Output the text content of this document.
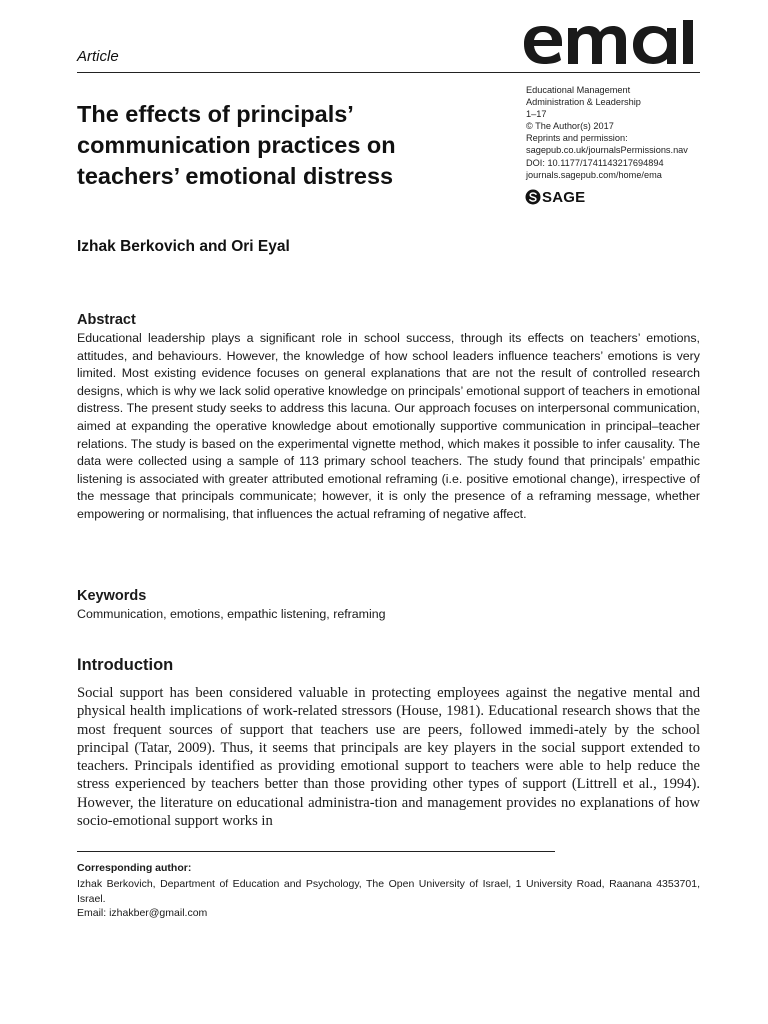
Article
Educational Management
Administration & Leadership
1–17
© The Author(s) 2017
Reprints and permission:
sagepub.co.uk/journalsPermissions.nav
DOI: 10.1177/1741143217694894
journals.sagepub.com/home/ema
SAGE
The effects of principals’ communication practices on teachers’ emotional distress
Izhak Berkovich and Ori Eyal
Abstract
Educational leadership plays a significant role in school success, through its effects on teachers’ emotions, attitudes, and behaviours. However, the knowledge of how school leaders influence teachers’ emotions is very limited. Most existing evidence focuses on general explanations that are not the result of controlled research designs, which is why we lack solid operative knowledge on principals’ emotional support of teachers in emotional distress. The present study seeks to address this lacuna. Our approach focuses on interpersonal communication, aimed at expanding the operative knowledge about emotionally supportive communication in principal–teacher relations. The study is based on the experimental vignette method, which makes it possible to infer causality. The data were collected using a sample of 113 primary school teachers. The study found that principals’ empathic listening is associated with greater attributed emotional reframing (i.e. positive emotional change), irrespective of the message that principals communicate; however, it is only the presence of a reframing message, whether empowering or normalising, that influences the actual reframing of negative affect.
Keywords
Communication, emotions, empathic listening, reframing
Introduction
Social support has been considered valuable in protecting employees against the negative mental and physical health implications of work-related stressors (House, 1981). Educational research shows that the most frequent sources of support that teachers use are peers, followed immedi-ately by the school principal (Tatar, 2009). Thus, it seems that principals are key players in the social support extended to teachers. Principals identified as providing emotional support to teachers were able to help reduce the stress experienced by teachers better than those providing other types of support (Littrell et al., 1994). However, the literature on educational administra-tion and management provides no explanations of how socio-emotional support works in
Corresponding author:
Izhak Berkovich, Department of Education and Psychology, The Open University of Israel, 1 University Road, Raanana 4353701, Israel.
Email: izhakber@gmail.com
